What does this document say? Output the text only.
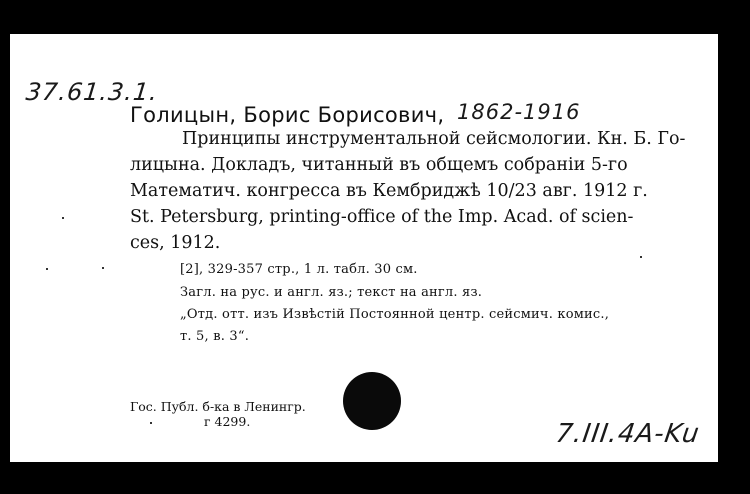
37.61.3.1.
Голицын, Борис Борисович, 1862-1916
Принципы инструментальной сейсмологии. Кн. Б. Го-
лицына. Докладъ, читанный въ общемъ собраніи 5-го
Математич. конгресса въ Кембриджѣ 10/23 авг. 1912 г.
St. Petersburg, printing-office of the Imp. Acad. of scien-
ces, 1912.
[2], 329-357 стр., 1 л. табл. 30 см.
Загл. на рус. и англ. яз.; текст на англ. яз.
„Отд. отт. изъ Извѣстій Постоянной центр. сейсмич. комис.,
т. 5, в. 3“.
Гос. Публ. б-ка в Ленингр.
г 4299.	7.III.4A-Ku
